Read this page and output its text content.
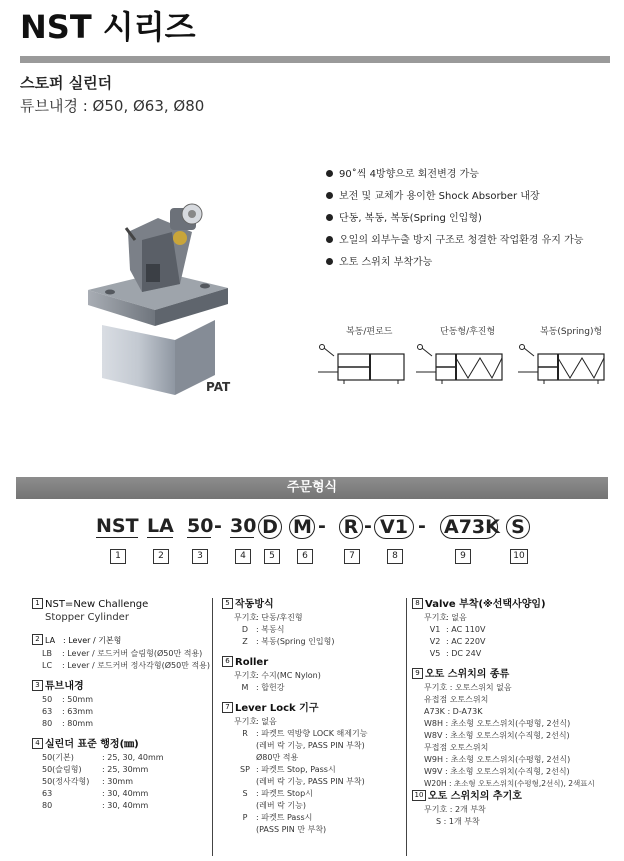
NST 시리즈
스토퍼 실린더
튜브내경 : Ø50, Ø63, Ø80
PAT
90˚씩 4방향으로 회전변경 가능
보전 및 교체가 용이한 Shock Absorber 내장
단동, 복동, 복동(Spring 인입형)
오일의 외부누출 방지 구조로 청결한 작업환경 유지 가능
오토 스위치 부착가능
복동/편로드	단동형/후진형	복동(Spring)형
주문형식
NST LA 50 - 30 D M - R - V1 - A73K S
1	2	3	4	5	6	7	8	9	10
1 NST=New Challenge
Stopper Cylinder
2 LA : Lever / 기본형
LB : Lever / 로드커버 슬림형(Ø50만 적용)
LC : Lever / 로드커버 정사각형(Ø50만 적용)
3 튜브내경
50 : 50mm
63 : 63mm
80 : 80mm
4 실린더 표준 행정(㎜)
50(기본)	: 25, 30, 40mm
50(슬림형)	: 25, 30mm
50(정사각형) : 30mm
63	: 30, 40mm
80	: 30, 40mm
5 작동방식
무기호: 단동/후진형
D : 복동식
Z : 복동(Spring 인입형)
6 Roller
무기호: 수지(MC Nylon)
M : 합헌강
7 Lever Lock 기구
무기호: 없음
R : 파켓트 역방향 LOCK 해제기능
(레버 락 기능, PASS PIN 부착)
Ø80만 적용
SP : 파켓트 Stop, Pass시
(레버 락 기능, PASS PIN 부착)
S : 파켓트 Stop시
(레버 락 기능)
P : 파켓트 Pass시
(PASS PIN 만 부착)
8 Valve 부착(※선택사양임)
무기호: 없음
V1 : AC 110V
V2 : AC 220V
V5 : DC 24V
9 오토 스위치의 종류
무기호 : 오토스위치 없음
유접점 오토스위치
A73K : D-A73K
W8H : 초소형 오토스위치(수평형, 2선식)
W8V : 초소형 오토스위치(수직형, 2선식)
무접점 오토스위치
W9H : 초소형 오토스위치(수평형, 2선식)
W9V : 초소형 오토스위치(수직형, 2선식)
W20H : 초소형 오토스위치(수평형,2선식), 2색표시
10 오토 스위치의 추기호
무기호 : 2개 부착
S : 1개 부착
